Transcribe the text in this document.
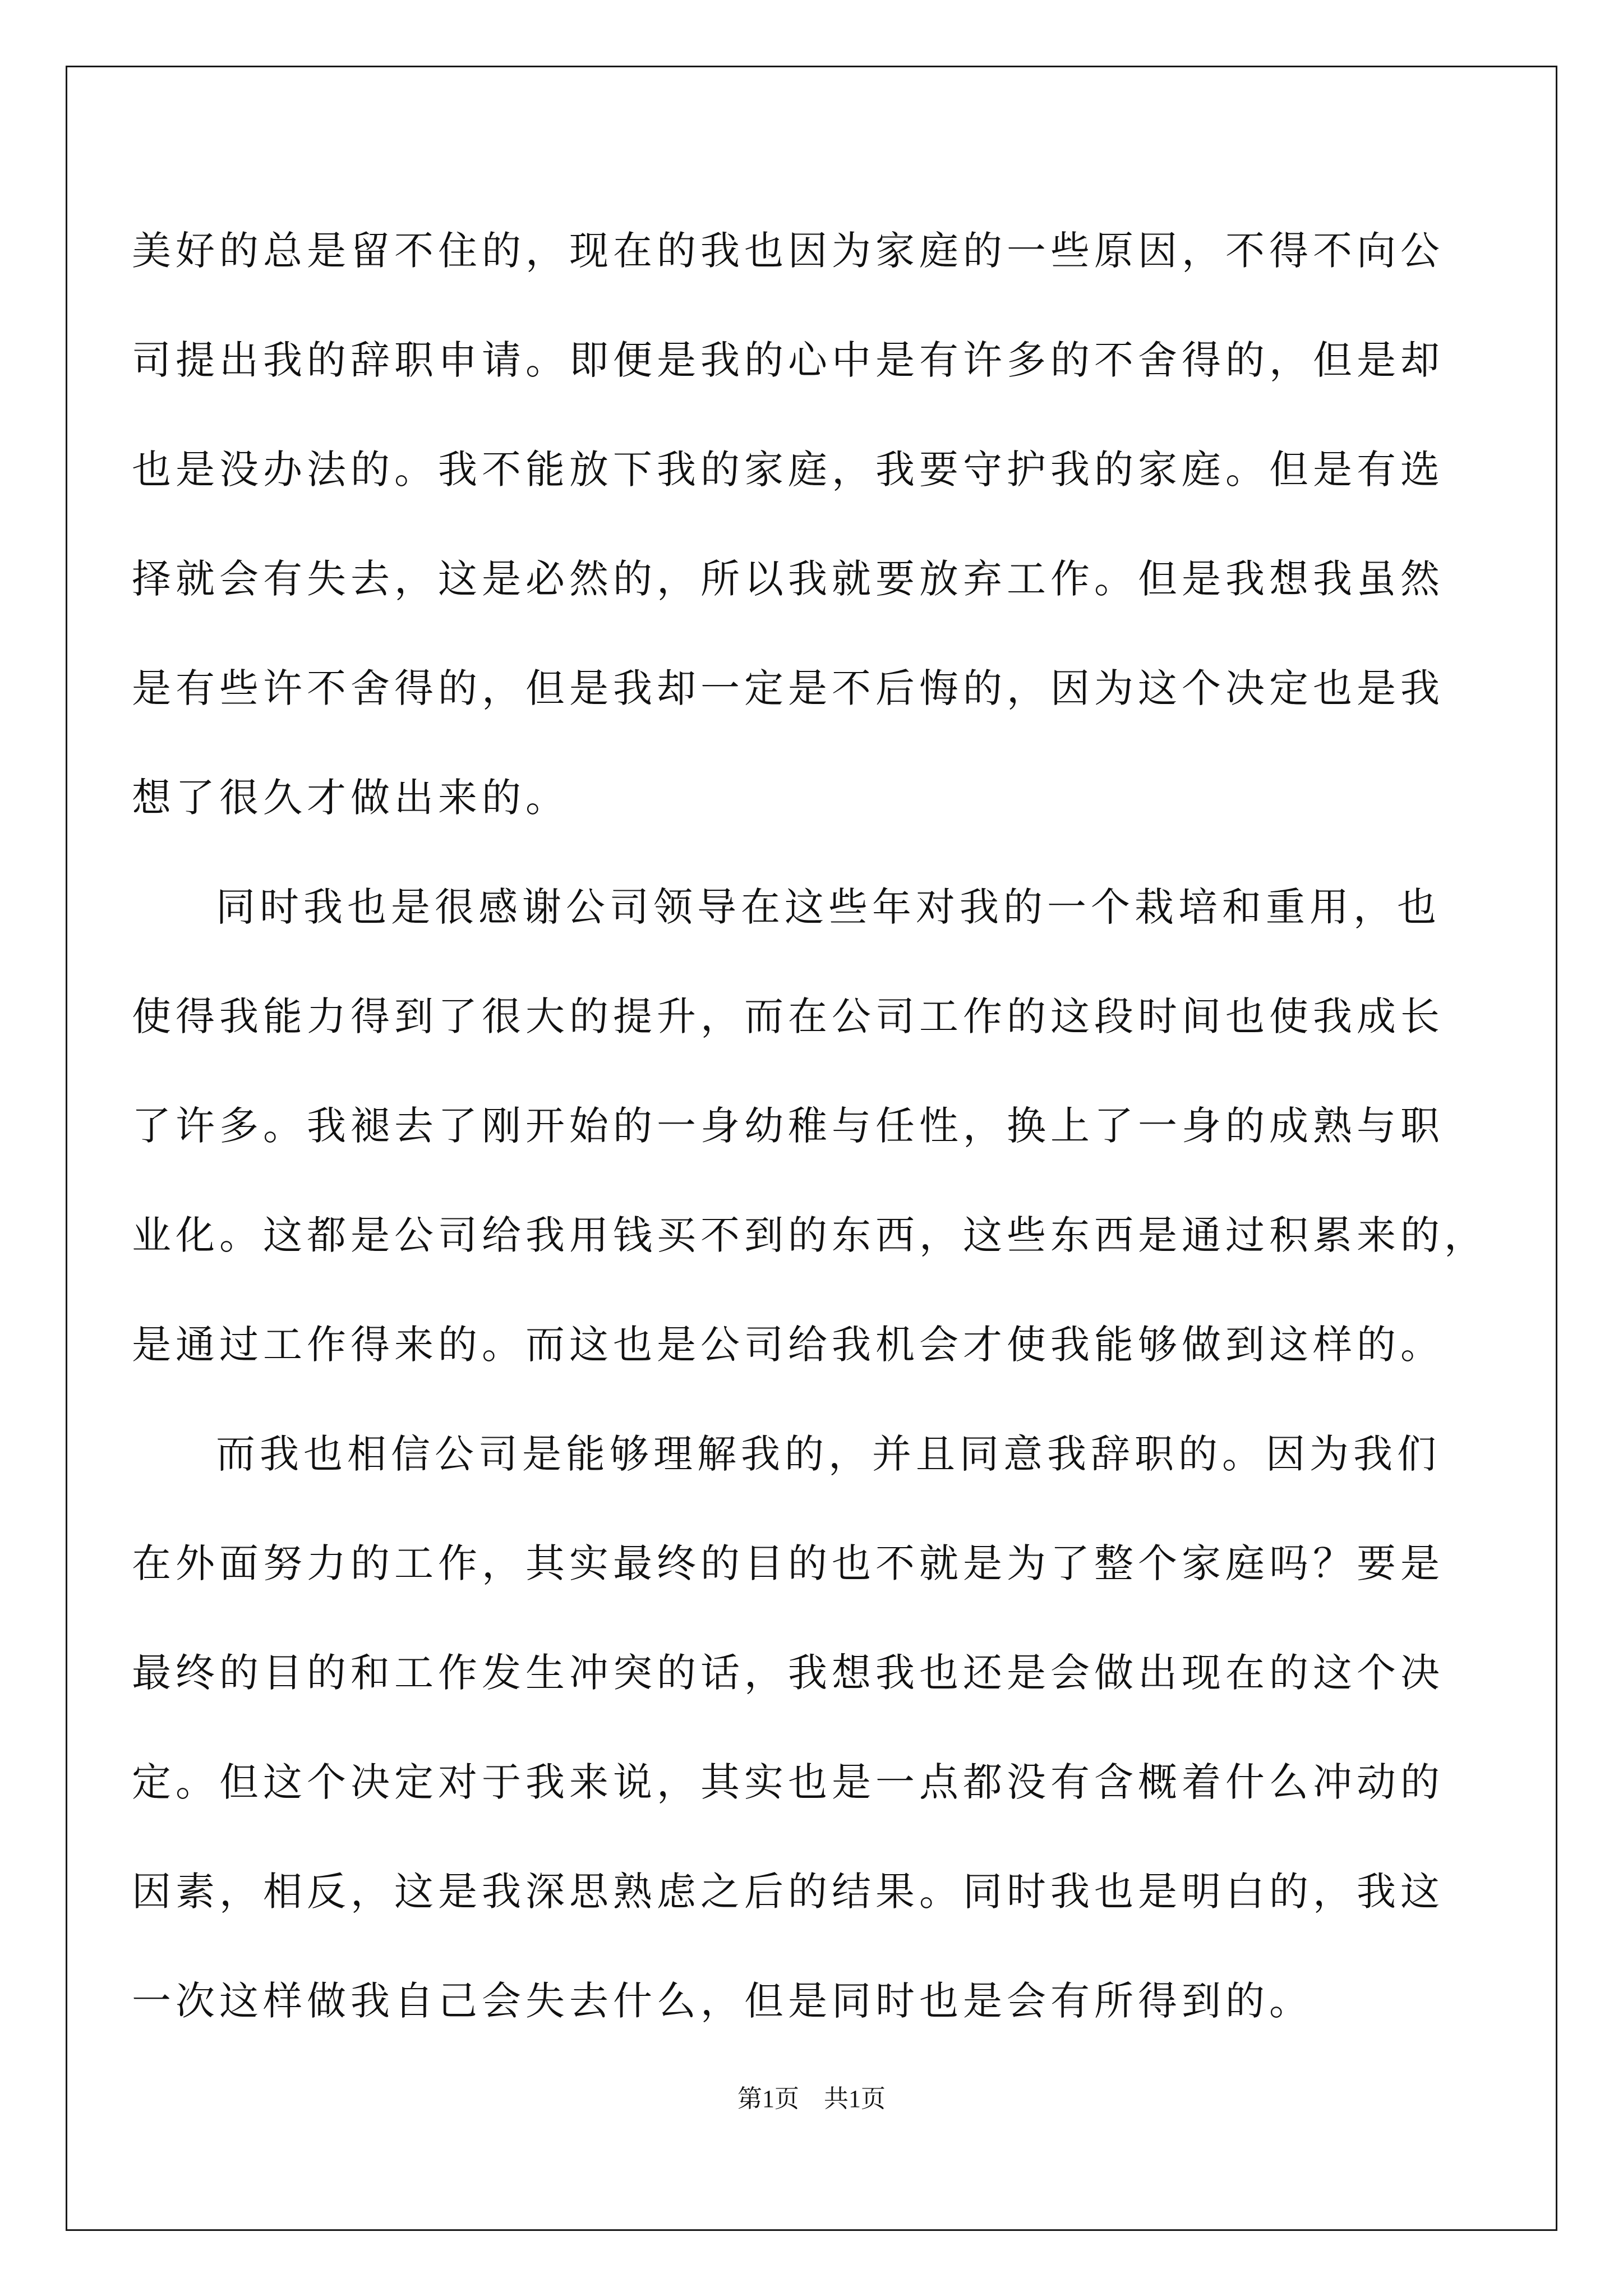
美好的总是留不住的，现在的我也因为家庭的一些原因，不得不向公
司提出我的辞职申请。即便是我的心中是有许多的不舍得的，但是却
也是没办法的。我不能放下我的家庭，我要守护我的家庭。但是有选
择就会有失去，这是必然的，所以我就要放弃工作。但是我想我虽然
是有些许不舍得的，但是我却一定是不后悔的，因为这个决定也是我
想了很久才做出来的。
同时我也是很感谢公司领导在这些年对我的一个栽培和重用，也
使得我能力得到了很大的提升，而在公司工作的这段时间也使我成长
了许多。我褪去了刚开始的一身幼稚与任性，换上了一身的成熟与职
业化。这都是公司给我用钱买不到的东西，这些东西是通过积累来的，
是通过工作得来的。而这也是公司给我机会才使我能够做到这样的。
而我也相信公司是能够理解我的，并且同意我辞职的。因为我们
在外面努力的工作，其实最终的目的也不就是为了整个家庭吗？要是
最终的目的和工作发生冲突的话，我想我也还是会做出现在的这个决
定。但这个决定对于我来说，其实也是一点都没有含概着什么冲动的
因素，相反，这是我深思熟虑之后的结果。同时我也是明白的，我这
一次这样做我自己会失去什么，但是同时也是会有所得到的。
第1页 共1页
